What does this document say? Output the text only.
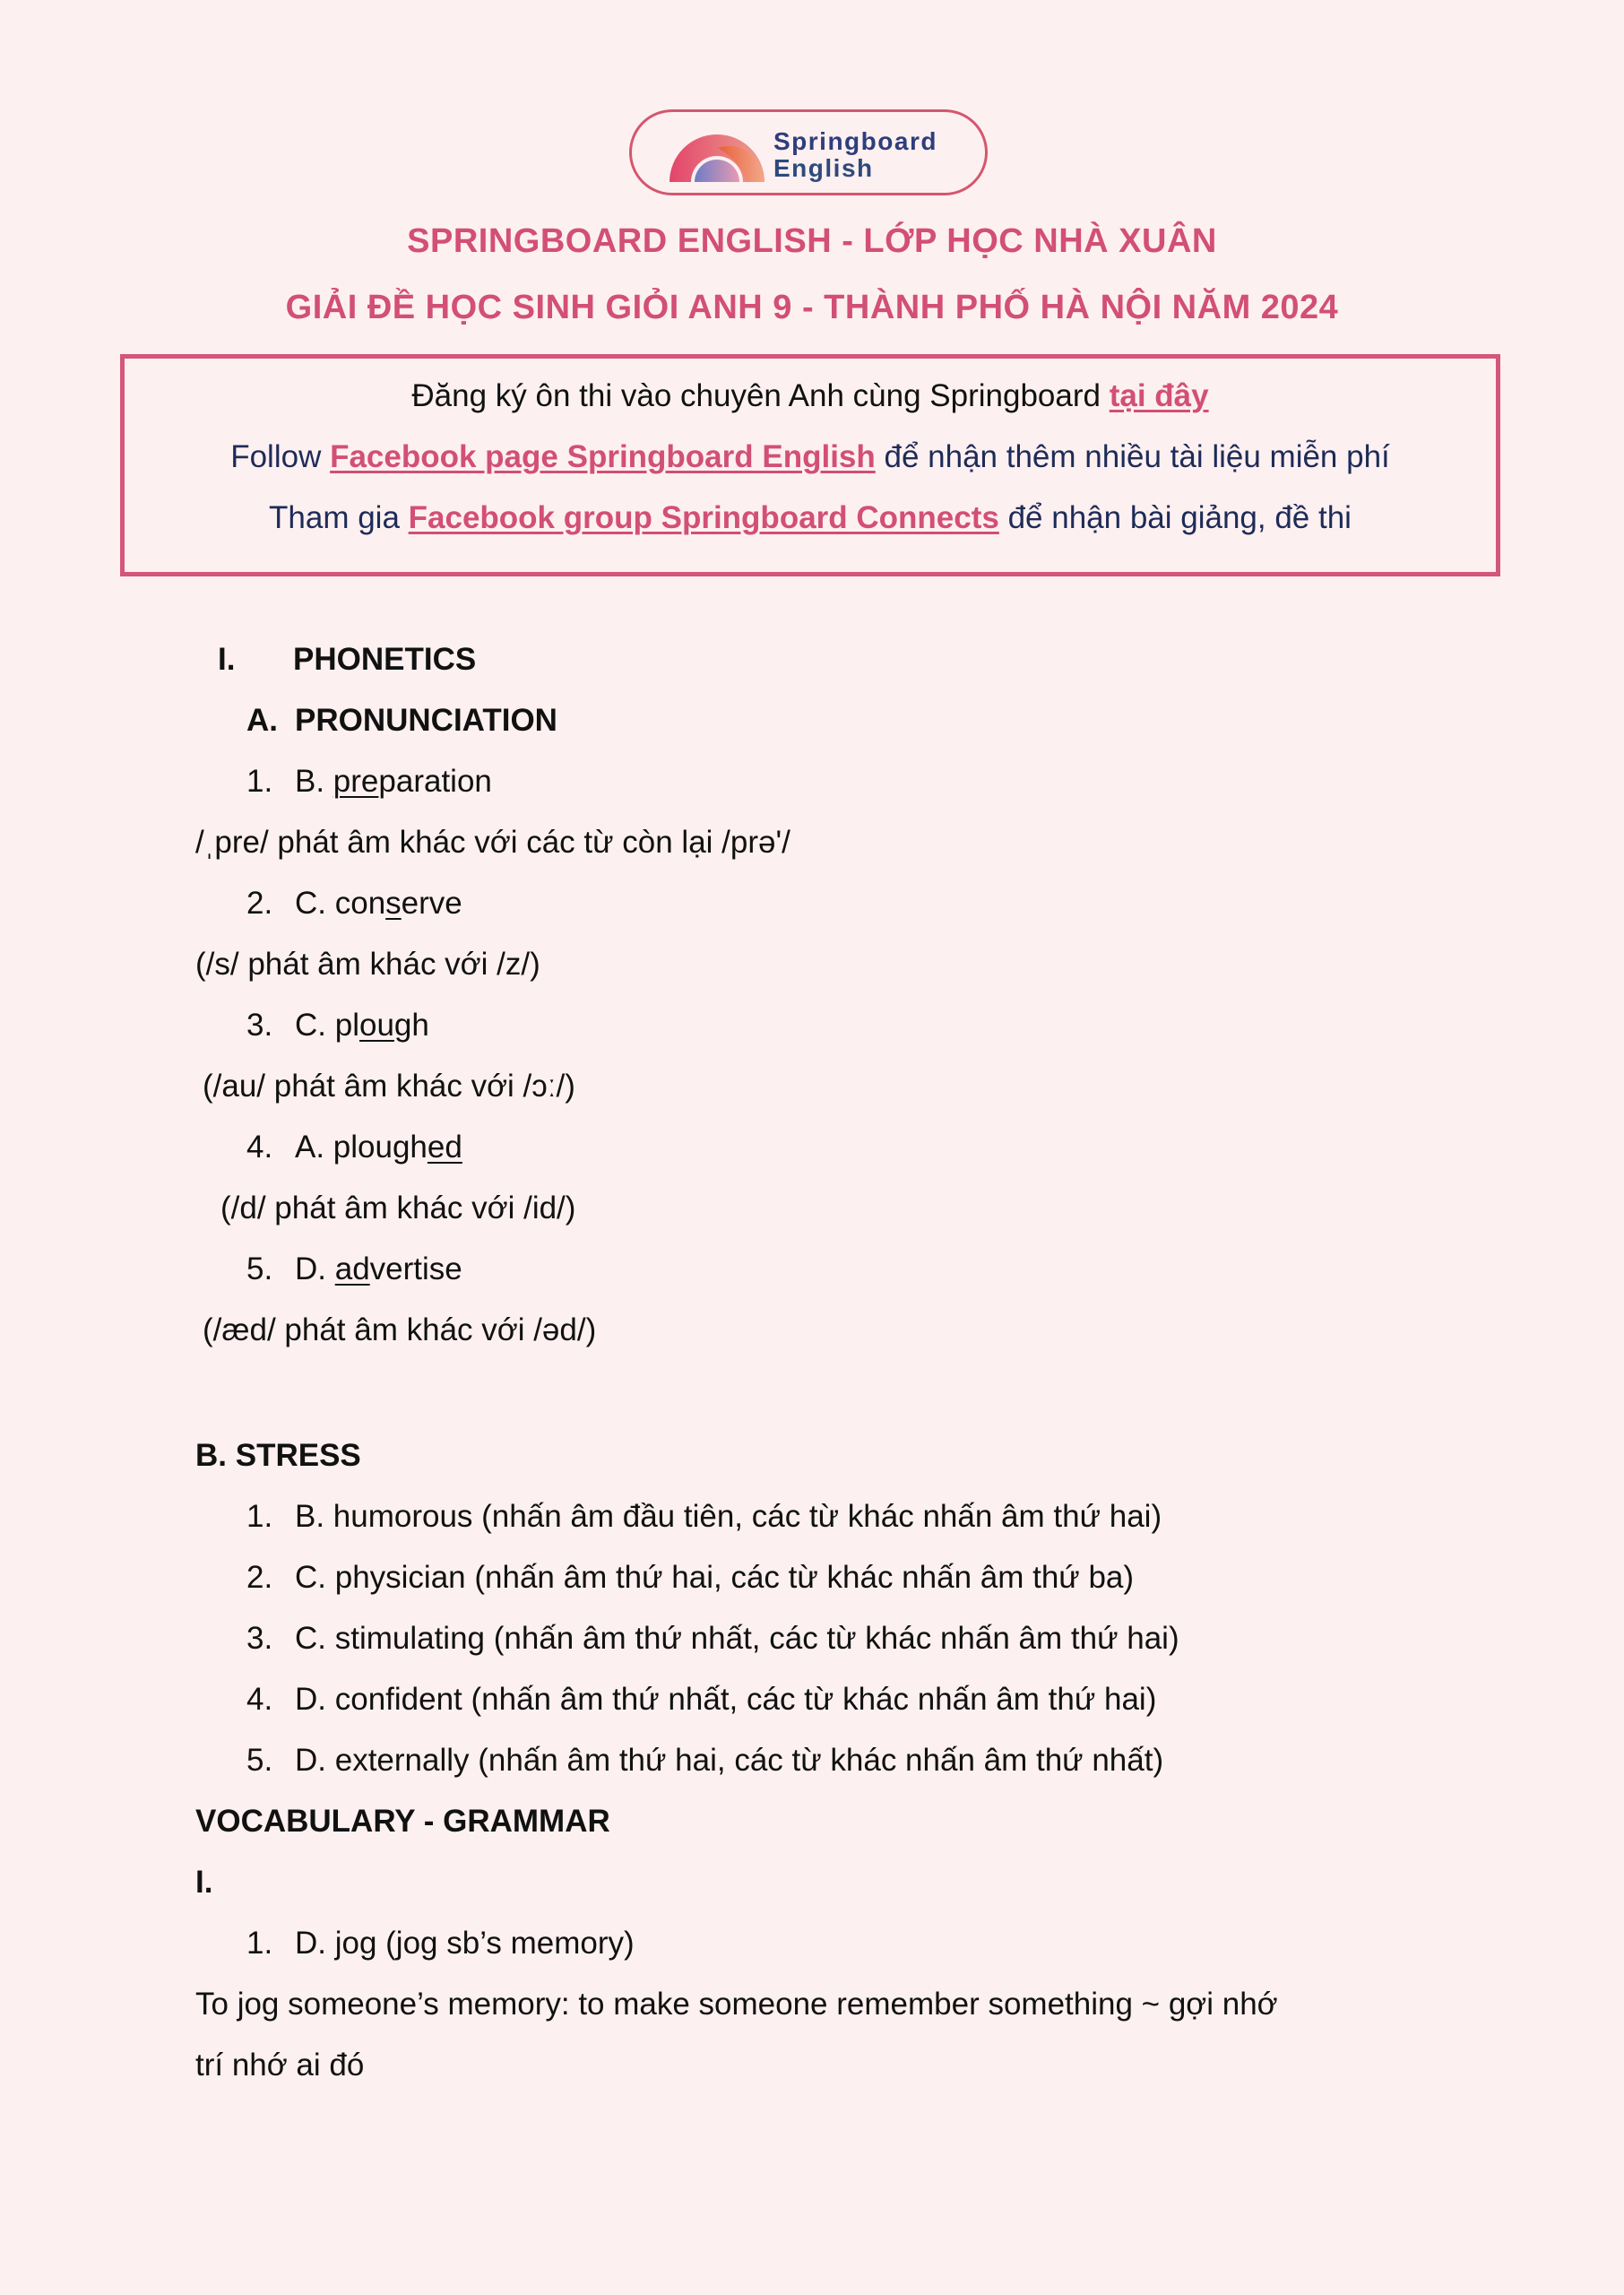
Springboard
English
SPRINGBOARD ENGLISH - LỚP HỌC NHÀ XUÂN
GIẢI ĐỀ HỌC SINH GIỎI ANH 9 - THÀNH PHỐ HÀ NỘI NĂM 2024
Đăng ký ôn thi vào chuyên Anh cùng Springboard tại đây
Follow Facebook page Springboard English để nhận thêm nhiều tài liệu miễn phí
Tham gia Facebook group Springboard Connects để nhận bài giảng, đề thi
I. PHONETICS
A. PRONUNCIATION
1. B. preparation
/ˌpre/ phát âm khác với các từ còn lại /prə'/
2. C. conserve
(/s/ phát âm khác với /z/)
3. C. plough
(/au/ phát âm khác với /ɔː/)
4. A. ploughed
(/d/ phát âm khác với /id/)
5. D. advertise
(/æd/ phát âm khác với /əd/)
B. STRESS
1. B. humorous (nhấn âm đầu tiên, các từ khác nhấn âm thứ hai)
2. C. physician (nhấn âm thứ hai, các từ khác nhấn âm thứ ba)
3. C. stimulating (nhấn âm thứ nhất, các từ khác nhấn âm thứ hai)
4. D. confident (nhấn âm thứ nhất, các từ khác nhấn âm thứ hai)
5. D. externally (nhấn âm thứ hai, các từ khác nhấn âm thứ nhất)
VOCABULARY - GRAMMAR
I.
1. D. jog (jog sb’s memory)
To jog someone’s memory: to make someone remember something ~ gợi nhớ
trí nhớ ai đó
